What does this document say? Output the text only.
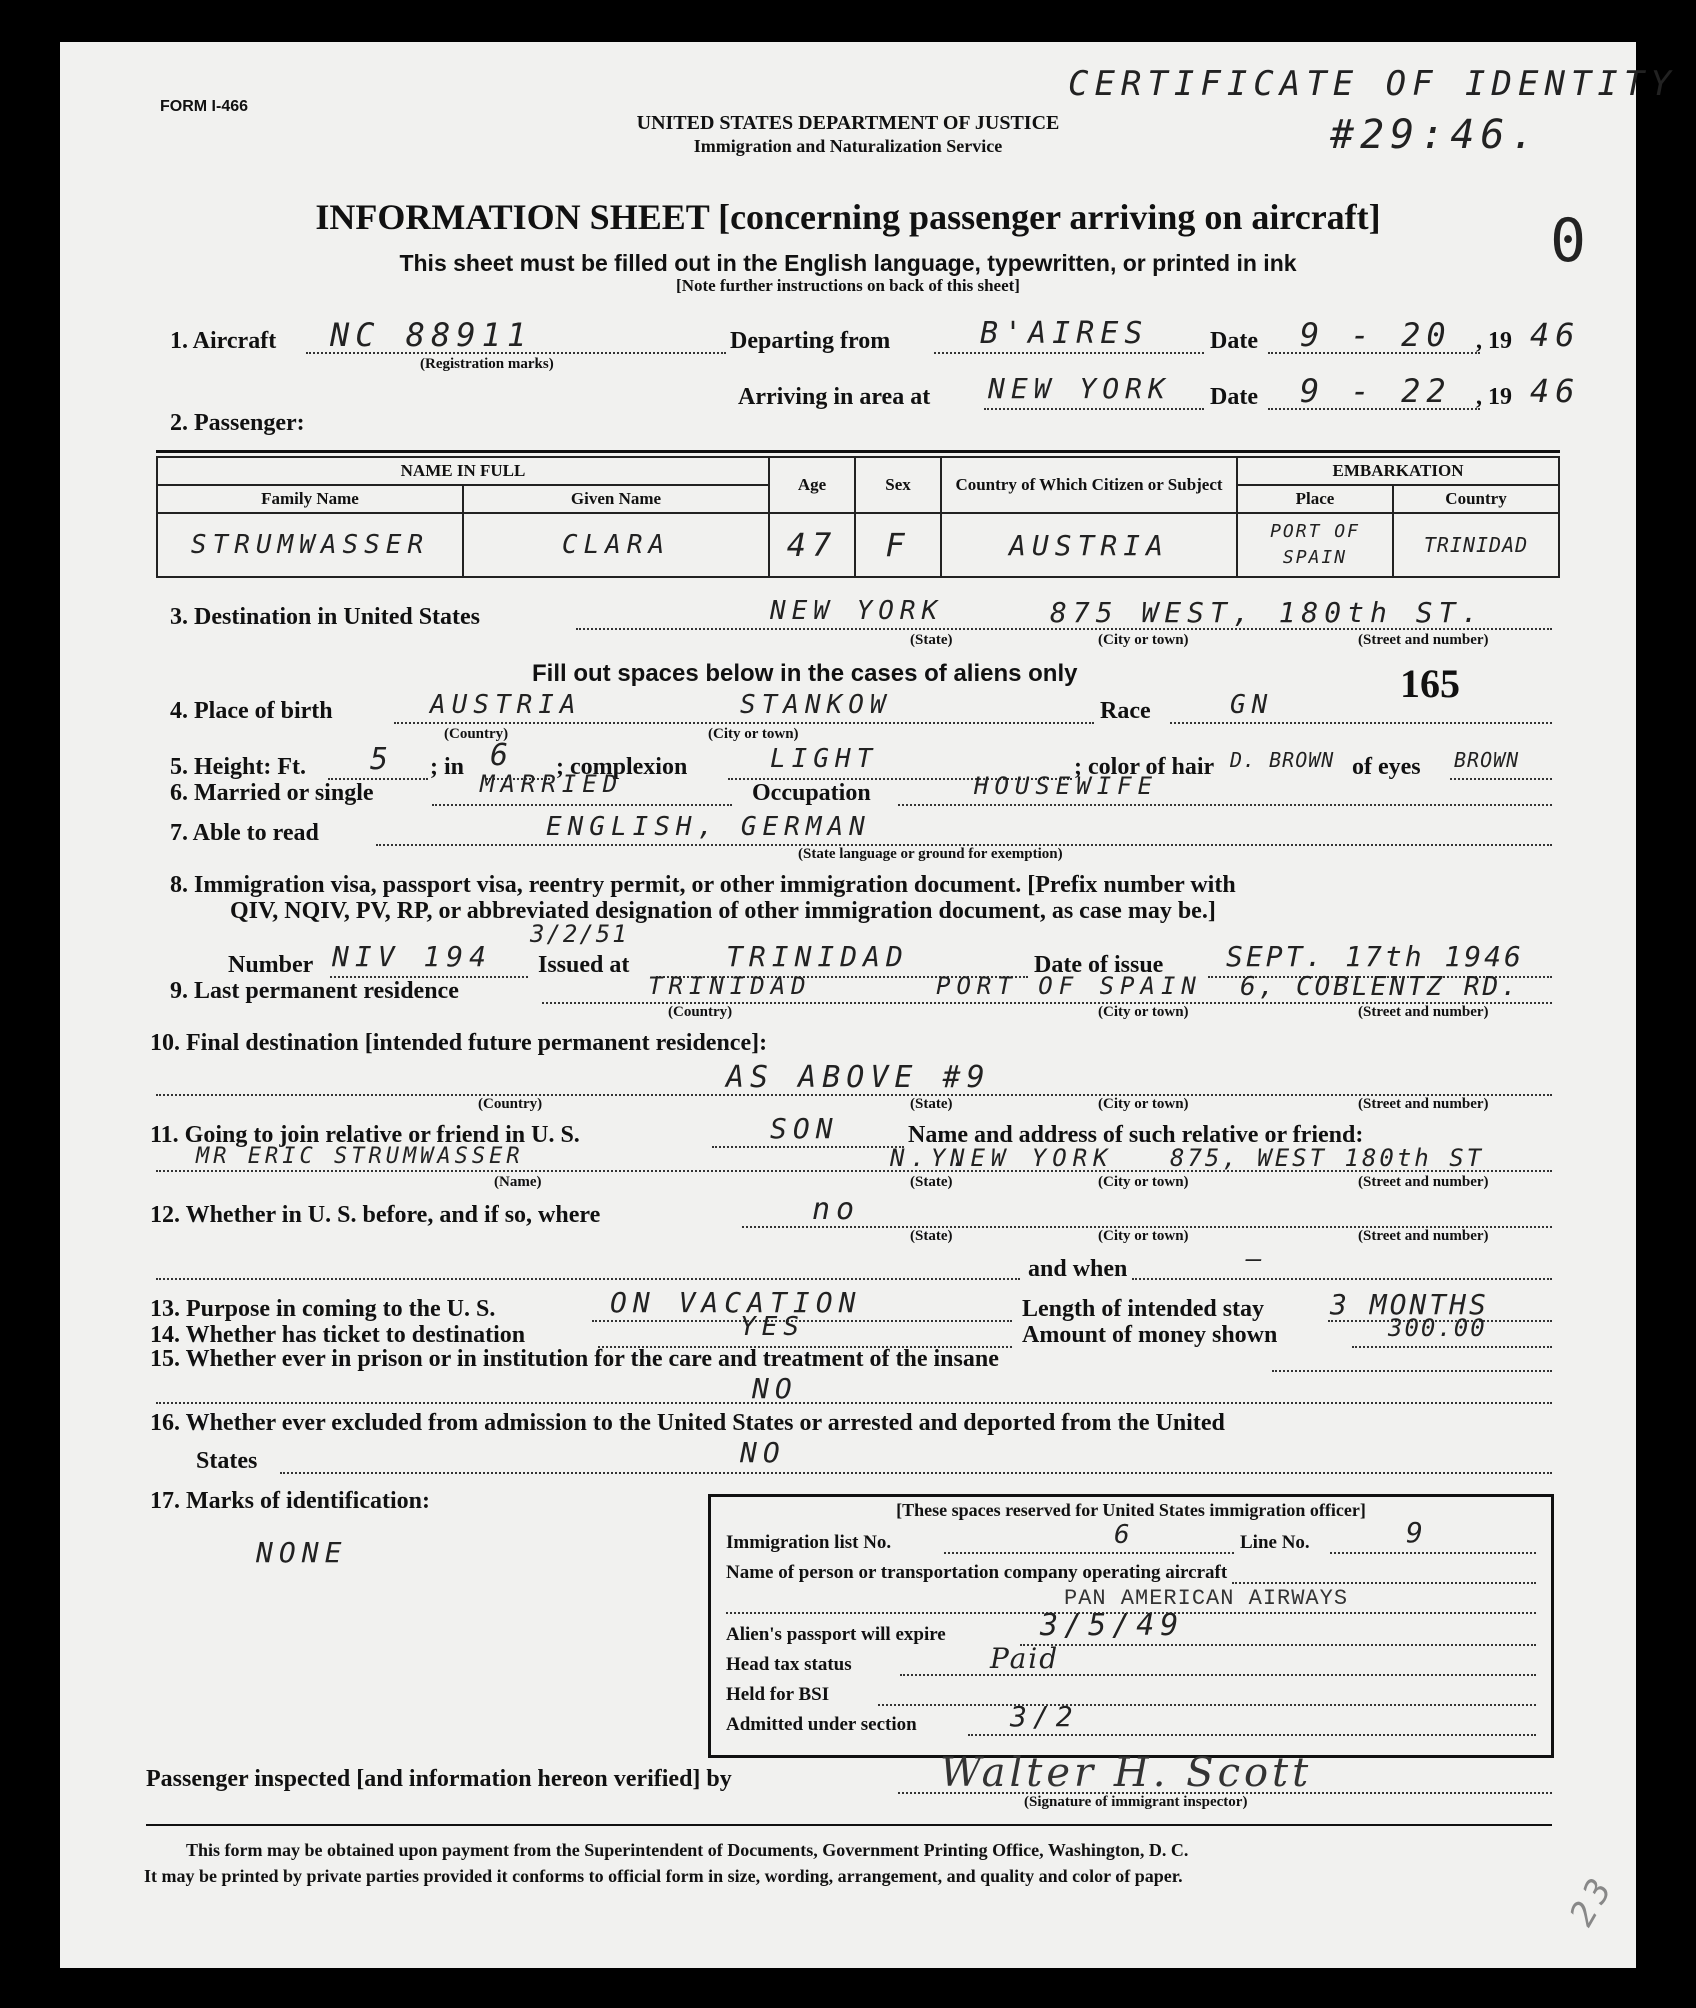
FORM I-466
UNITED STATES DEPARTMENT OF JUSTICE
Immigration and Naturalization Service
CERTIFICATE OF IDENTITY
#29:46.
0
INFORMATION SHEET [concerning passenger arriving on aircraft]
This sheet must be filled out in the English language, typewritten, or printed in ink
[Note further instructions on back of this sheet]
1. Aircraft NC 88911
(Registration marks)
Departing from	B'AIRES	Date 9 - 20 , 19 46
Arriving in area at NEW YORK Date 9 - 22 , 19 46
2. Passenger:
NAME IN FULL		Age	Sex	Country of Which Citizen or Subject	EMBARKATION	
Family Name	Given Name				Place	Country
STRUMWASSER	CLARA	47	F	AUSTRIA	PORT OF SPAIN	TRINIDAD
3. Destination in United States	NEW YORK	875 WEST, 180th ST.
(State)	(City or town)	(Street and number)
Fill out spaces below in the cases of aliens only	165
4. Place of birth	AUSTRIA	STANKOW
(Country)	(City or town)
Race	GN
5. Height: Ft. 5 ; in 6 ; complexion	LIGHT	; color of hair D. BROWN of eyes BROWN
6. Married or single	MARRIED	Occupation	HOUSEWIFE
7. Able to read	ENGLISH, GERMAN
(State language or ground for exemption)
8. Immigration visa, passport visa, reentry permit, or other immigration document. [Prefix number with
QIV, NQIV, PV, RP, or abbreviated designation of other immigration document, as case may be.]
3/2/51
Number NIV 194 Issued at	TRINIDAD	Date of issue SEPT. 17th 1946
9. Last permanent residence	TRINIDAD	PORT OF SPAIN 6, COBLENTZ RD.
(Country)	(City or town)	(Street and number)
10. Final destination [intended future permanent residence]:
AS ABOVE #9
(Country)	(State)	(City or town)	(Street and number)
11. Going to join relative or friend in U. S.	SON	Name and address of such relative or friend:
MR ERIC STRUMWASSER	N.Y.
NEW YORK 875, WEST 180th ST
(Name)	(State)	(City or town)	(Street and number)
12. Whether in U. S. before, and if so, where	no
(State)	(City or town)	(Street and number)
and when	—
13. Purpose in coming to the U. S.	ON VACATION	Length of intended stay 3 MONTHS
14. Whether has ticket to destination	YES	Amount of money shown	300.00
15. Whether ever in prison or in institution for the care and treatment of the insane
NO
16. Whether ever excluded from admission to the United States or arrested and deported from the United
States	NO
17. Marks of identification:
NONE
[These spaces reserved for United States immigration officer]
Immigration list No.	6	Line No.	9
Name of person or transportation company operating aircraft
PAN AMERICAN AIRWAYS
Alien's passport will expire	3/5/49
Head tax status	Paid
Held for BSI
Admitted under section	3/2
Passenger inspected [and information hereon verified] by	Walter H. Scott
(Signature of immigrant inspector)
This form may be obtained upon payment from the Superintendent of Documents, Government Printing Office, Washington, D. C.
It may be printed by private parties provided it conforms to official form in size, wording, arrangement, and quality and color of paper.	23
